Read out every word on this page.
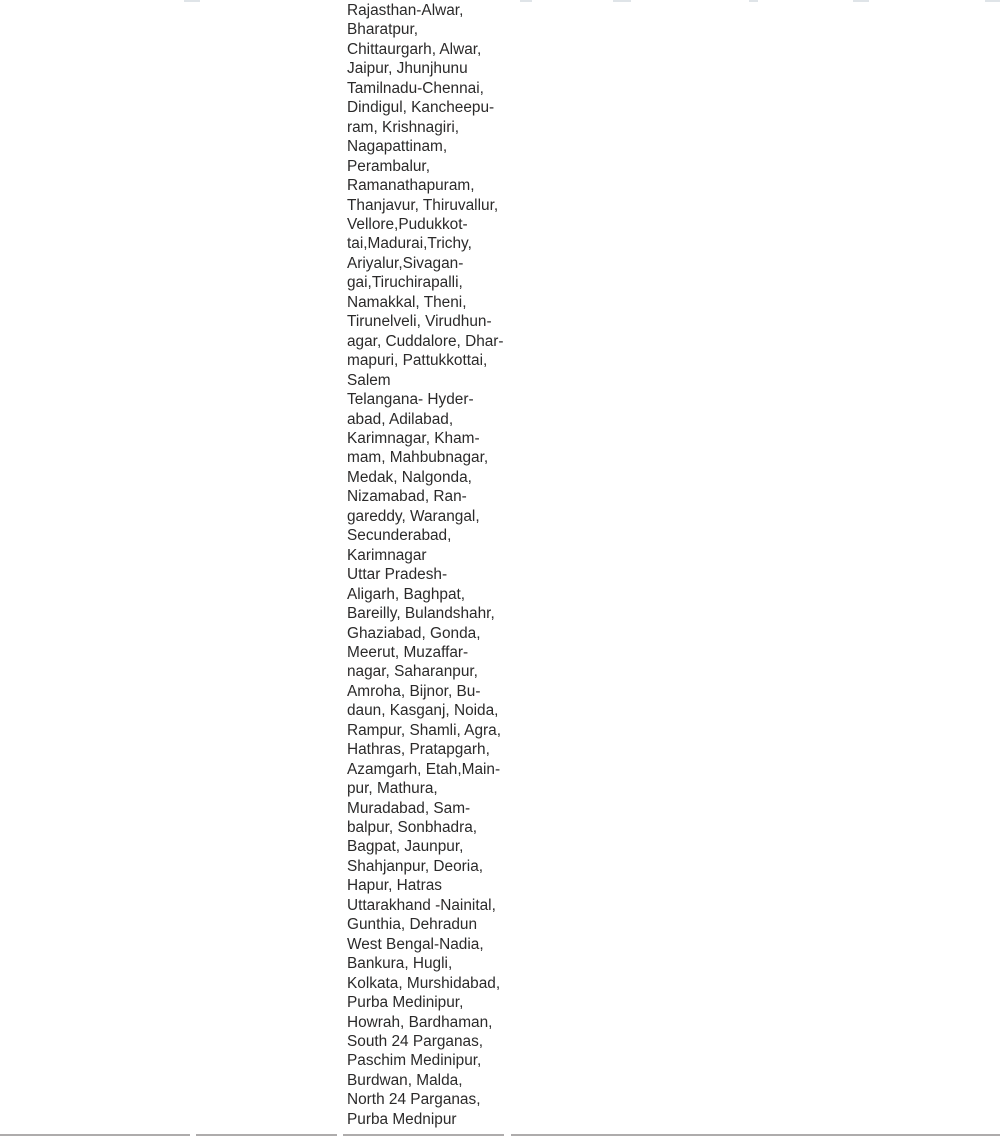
Rajasthan-Alwar,
Bharatpur,
Chittaurgarh, Alwar,
Jaipur, Jhunjhunu
Tamilnadu-Chennai,
Dindigul, Kancheepu-
ram, Krishnagiri,
Nagapattinam,
Perambalur,
Ramanathapuram,
Thanjavur, Thiruvallur,
Vellore,Pudukkot-
tai,Madurai,Trichy,
Ariyalur,Sivagan-
gai,Tiruchirapalli,
Namakkal, Theni,
Tirunelveli, Virudhun-
agar, Cuddalore, Dhar-
mapuri, Pattukkottai,
Salem
Telangana- Hyder-
abad, Adilabad,
Karimnagar, Kham-
mam, Mahbubnagar,
Medak, Nalgonda,
Nizamabad, Ran-
gareddy, Warangal,
Secunderabad,
Karimnagar
Uttar Pradesh-
Aligarh, Baghpat,
Bareilly, Bulandshahr,
Ghaziabad, Gonda,
Meerut, Muzaffar-
nagar, Saharanpur,
Amroha, Bijnor, Bu-
daun, Kasganj, Noida,
Rampur, Shamli, Agra,
Hathras, Pratapgarh,
Azamgarh, Etah,Main-
pur, Mathura,
Muradabad, Sam-
balpur, Sonbhadra,
Bagpat, Jaunpur,
Shahjanpur, Deoria,
Hapur, Hatras
Uttarakhand -Nainital,
Gunthia, Dehradun
West Bengal-Nadia,
Bankura, Hugli,
Kolkata, Murshidabad,
Purba Medinipur,
Howrah, Bardhaman,
South 24 Parganas,
Paschim Medinipur,
Burdwan, Malda,
North 24 Parganas,
Purba Mednipur
